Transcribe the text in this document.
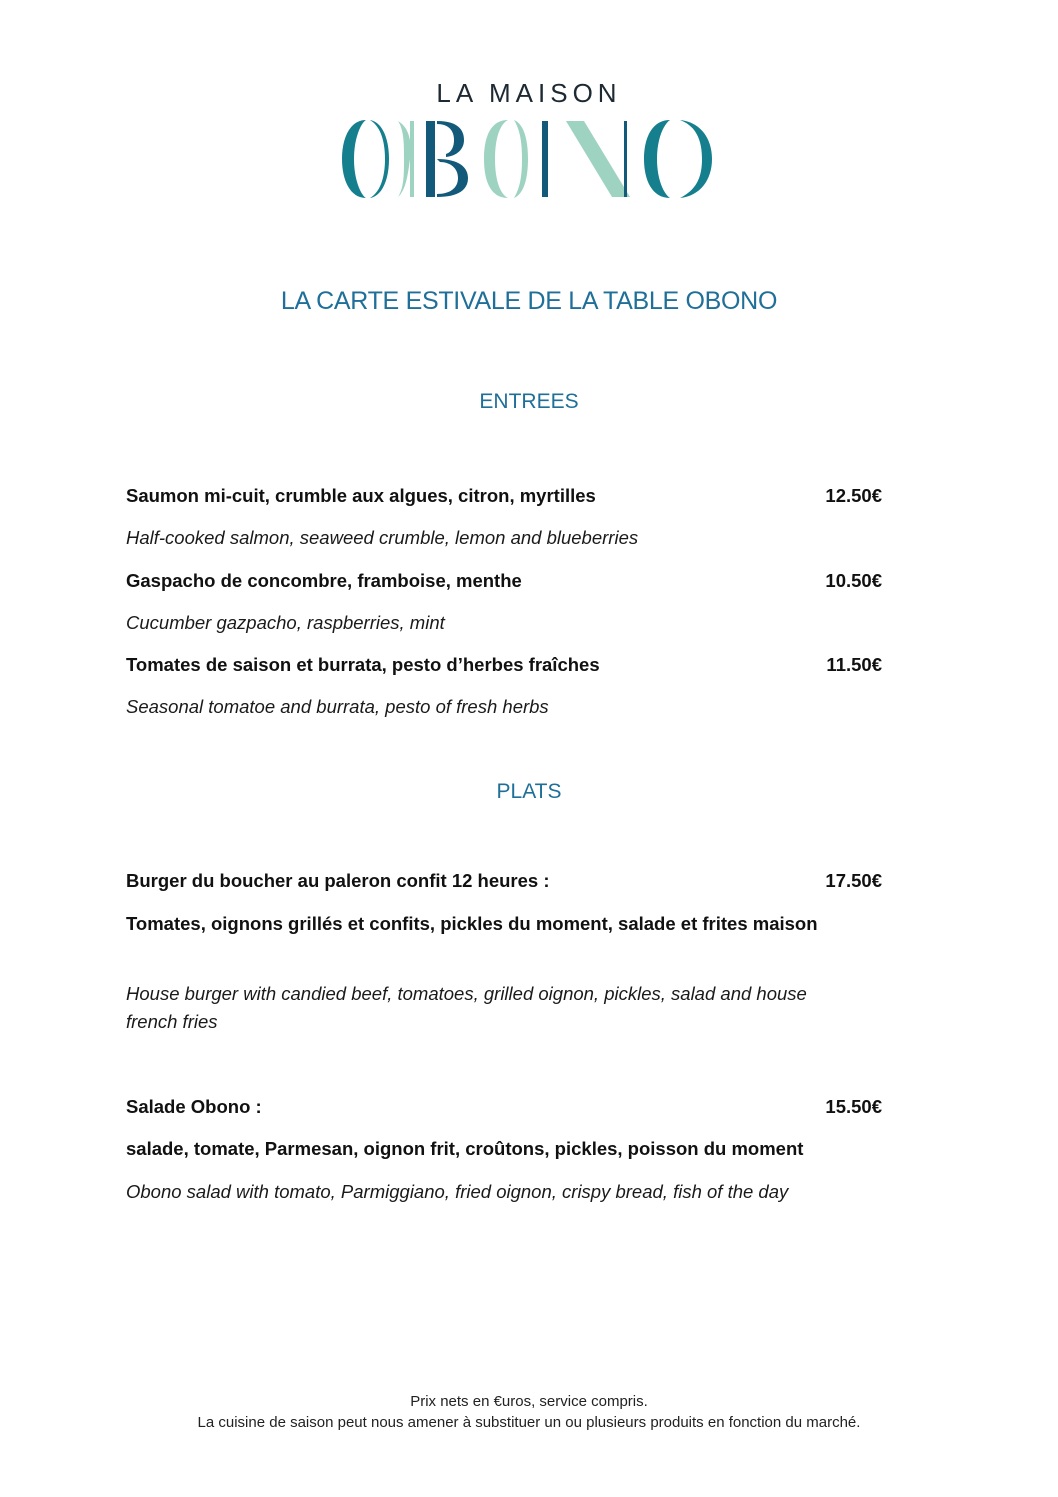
LA MAISON
LA CARTE ESTIVALE DE LA TABLE OBONO
ENTREES
Saumon mi-cuit, crumble aux algues, citron, myrtilles	12.50€
Half-cooked salmon, seaweed crumble, lemon and blueberries
Gaspacho de concombre, framboise, menthe	10.50€
Cucumber gazpacho, raspberries, mint
Tomates de saison et burrata, pesto d’herbes fraîches	11.50€
Seasonal tomatoe and burrata, pesto of fresh herbs
PLATS
Burger du boucher au paleron confit 12 heures :	17.50€
Tomates, oignons grillés et confits, pickles du moment, salade et frites maison
House burger with candied beef, tomatoes, grilled oignon, pickles, salad and house
french fries
Salade Obono :	15.50€
salade, tomate, Parmesan, oignon frit, croûtons, pickles, poisson du moment
Obono salad with tomato, Parmiggiano, fried oignon, crispy bread, fish of the day
Prix nets en €uros, service compris.
La cuisine de saison peut nous amener à substituer un ou plusieurs produits en fonction du marché.
